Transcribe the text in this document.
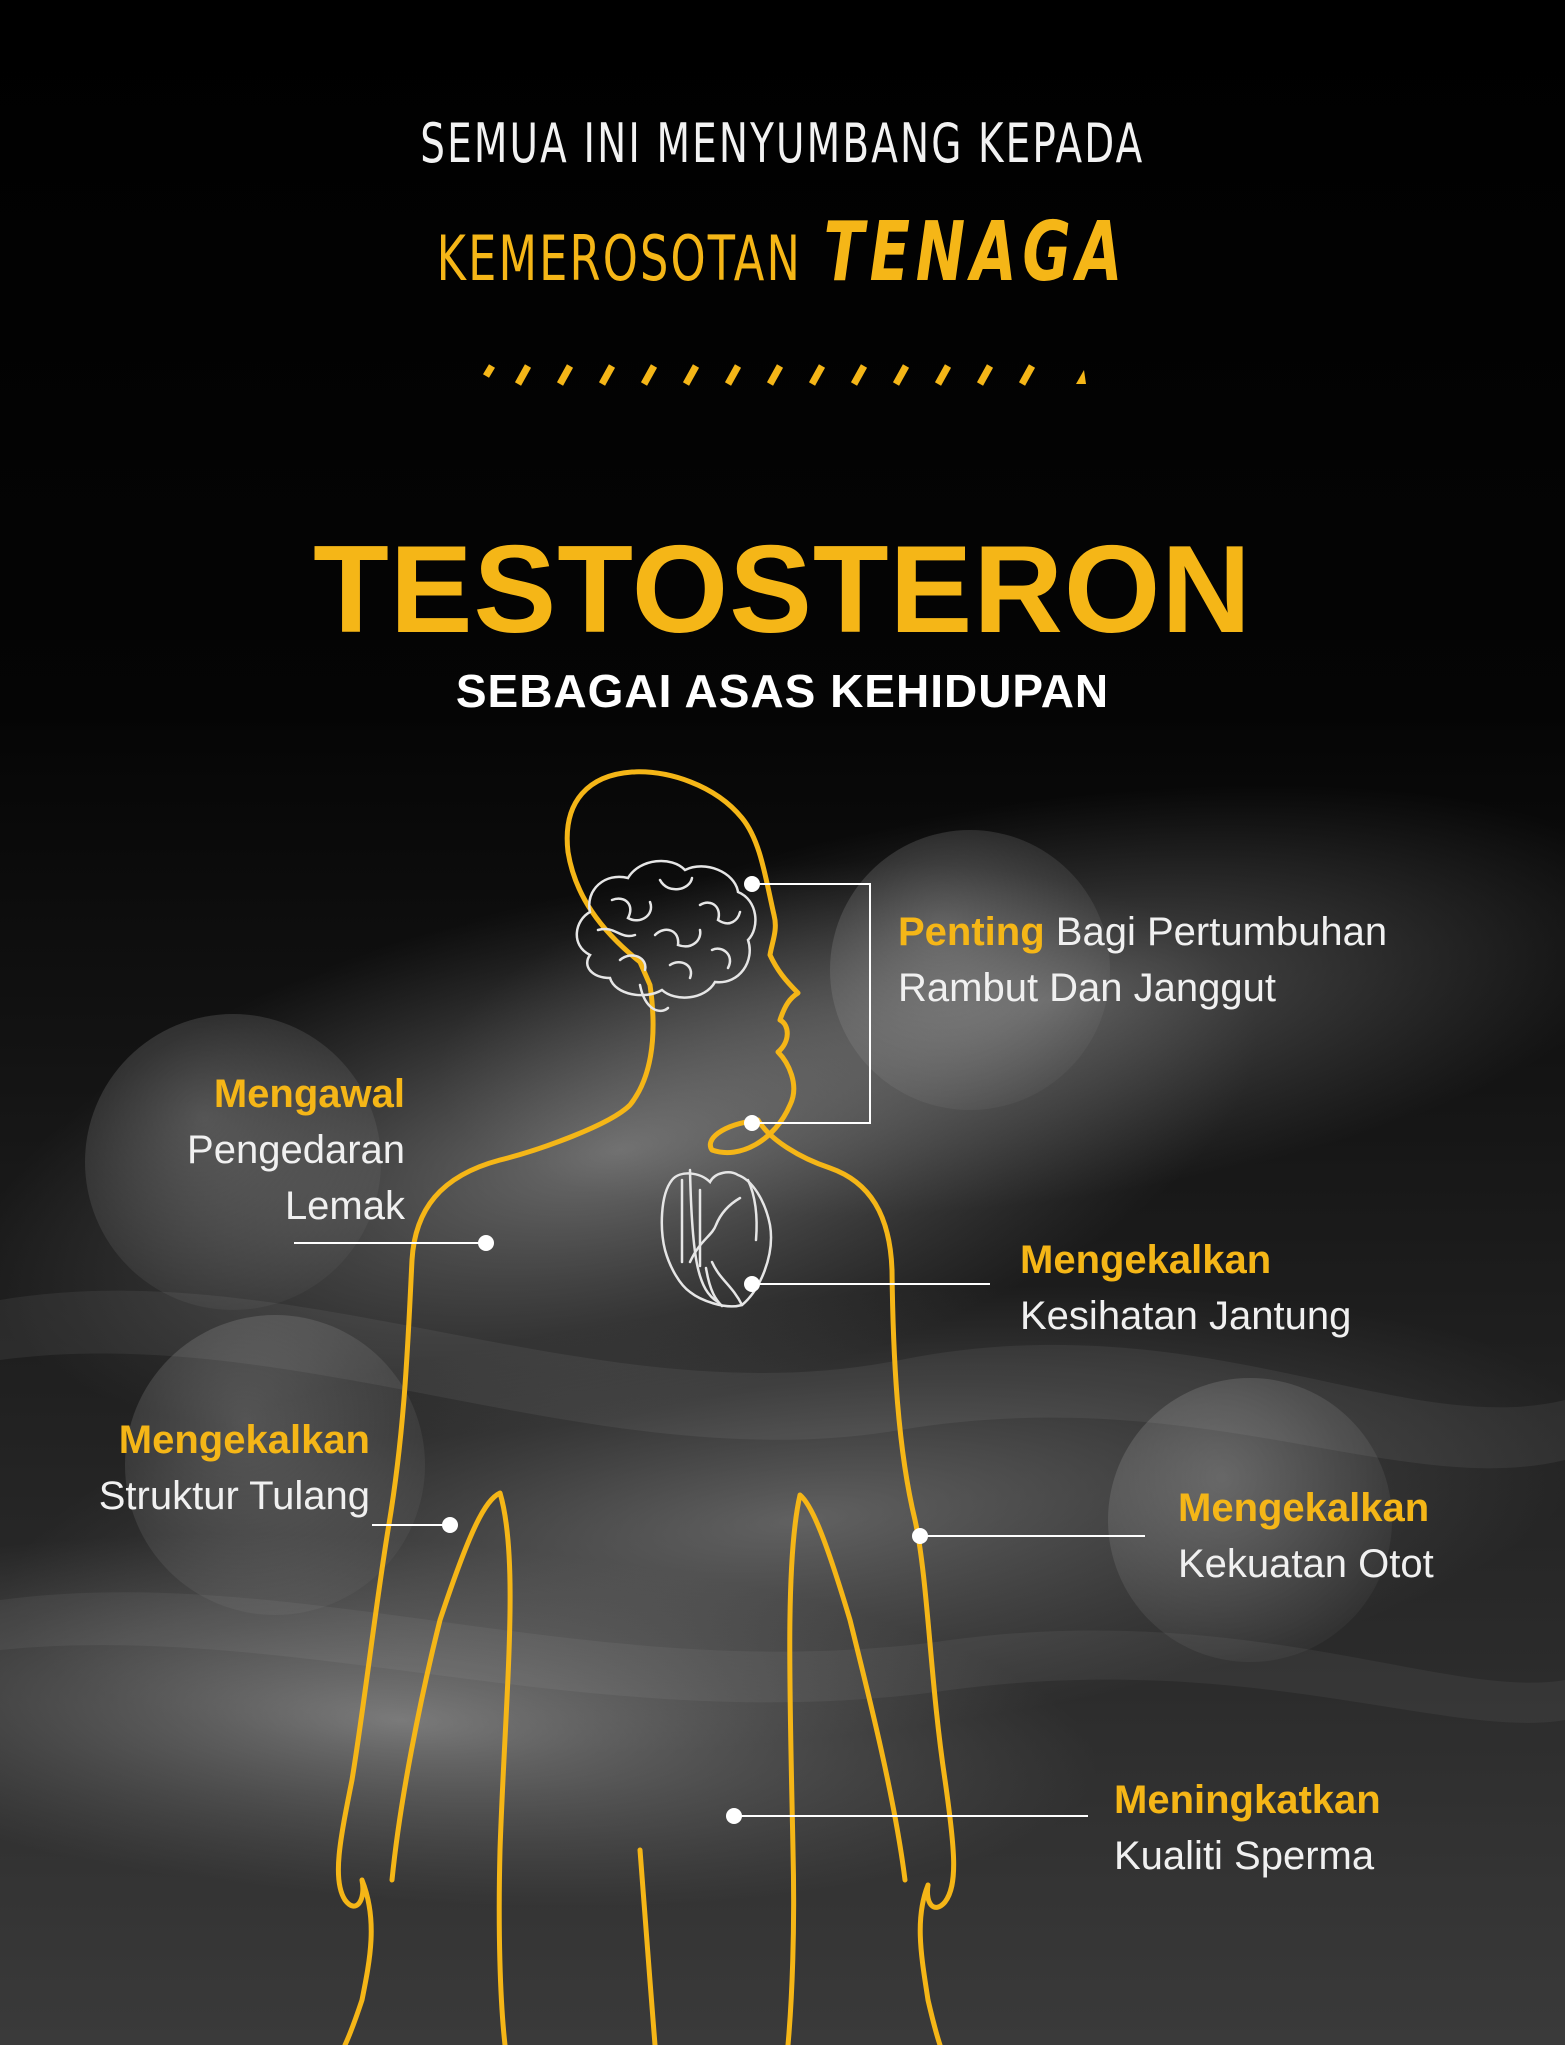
SEMUA INI MENYUMBANG KEPADA

KEMEROSOTAN TENAGA

TESTOSTERON
SEBAGAI ASAS KEHIDUPAN
Penting Bagi Pertumbuhan
Rambut Dan Janggut
Mengawal
Pengedaran
Lemak
Mengekalkan
Kesihatan Jantung
Mengekalkan
Struktur Tulang	Mengekalkan
Kekuatan Otot
Meningkatkan
Kualiti Sperma
